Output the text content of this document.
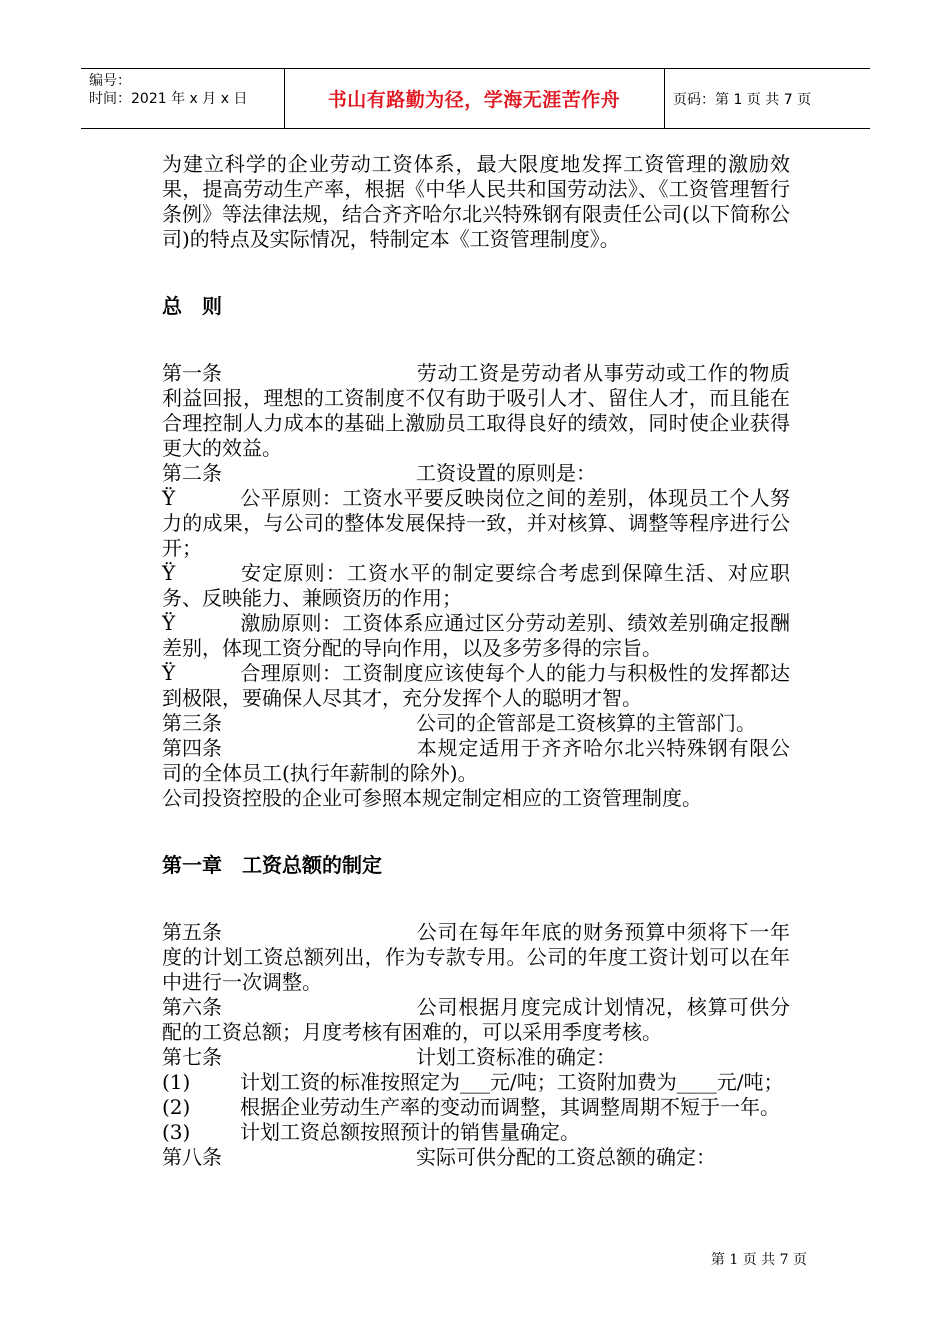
编号：
时间：2021 年 x 月 x 日	书山有路勤为径，学海无涯苦作舟	页码：第 1 页 共 7 页

为建立科学的企业劳动工资体系，最大限度地发挥工资管理的激励效果，提高劳动生产率，根据《中华人民共和国劳动法》、《工资管理暂行条例》等法律法规，结合齐齐哈尔北兴特殊钢有限责任公司(以下简称公司)的特点及实际情况，特制定本《工资管理制度》。

总　则

第一条	劳动工资是劳动者从事劳动或工作的物质利益回报，理想的工资制度不仅有助于吸引人才、留住人才，而且能在合理控制人力成本的基础上激励员工取得良好的绩效，同时使企业获得更大的效益。

第二条	工资设置的原则是：

Ÿ	公平原则：工资水平要反映岗位之间的差别，体现员工个人努力的成果，与公司的整体发展保持一致，并对核算、调整等程序进行公开；

Ÿ	安定原则：工资水平的制定要综合考虑到保障生活、对应职务、反映能力、兼顾资历的作用；

Ÿ	激励原则：工资体系应通过区分劳动差别、绩效差别确定报酬差别，体现工资分配的导向作用，以及多劳多得的宗旨。

Ÿ	合理原则：工资制度应该使每个人的能力与积极性的发挥都达到极限，要确保人尽其才，充分发挥个人的聪明才智。

第三条	公司的企管部是工资核算的主管部门。

第四条	本规定适用于齐齐哈尔北兴特殊钢有限公司的全体员工(执行年薪制的除外)。

公司投资控股的企业可参照本规定制定相应的工资管理制度。

第一章　工资总额的制定

第五条	公司在每年年底的财务预算中须将下一年度的计划工资总额列出，作为专款专用。公司的年度工资计划可以在年中进行一次调整。

第六条	公司根据月度完成计划情况，核算可供分配的工资总额；月度考核有困难的，可以采用季度考核。

第七条	计划工资标准的确定：

(1) 计划工资的标准按照定为___元/吨；工资附加费为____元/吨；

(2) 根据企业劳动生产率的变动而调整，其调整周期不短于一年。

(3) 计划工资总额按照预计的销售量确定。

第八条	实际可供分配的工资总额的确定：

第 1 页 共 7 页
